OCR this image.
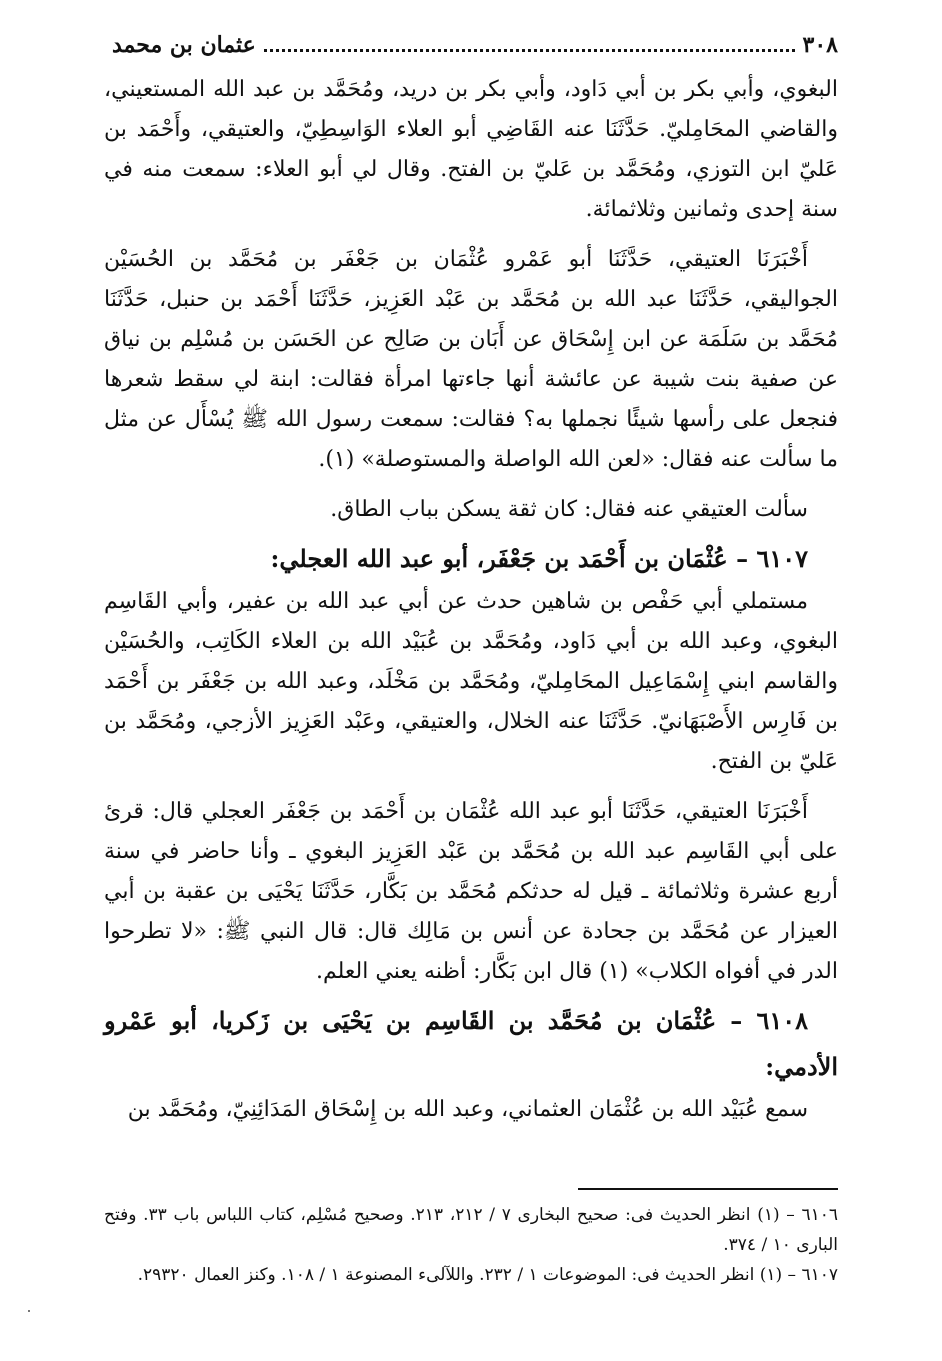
٣٠٨
عثمان بن محمد

البغوي، وأبي بكر بن أبي دَاود، وأبي بكر بن دريد، ومُحَمَّد بن عبد الله المستعيني، والقاضي المحَامِليّ. حَدَّثَنَا عنه القَاضِي أبو العلاء الوَاسِطِيّ، والعتيقي، وأَحْمَد بن عَليّ ابن التوزي، ومُحَمَّد بن عَليّ بن الفتح. وقال لي أبو العلاء: سمعت منه في سنة إحدى وثمانين وثلاثمائة.

أَخْبَرَنَا العتيقي، حَدَّثَنَا أبو عَمْرو عُثْمَان بن جَعْفَر بن مُحَمَّد بن الحُسَيْن الجواليقي، حَدَّثَنَا عبد الله بن مُحَمَّد بن عَبْد العَزِيز، حَدَّثَنَا أَحْمَد بن حنبل، حَدَّثَنَا مُحَمَّد بن سَلَمَة عن ابن إِسْحَاق عن أَبَان بن صَالِح عن الحَسَن بن مُسْلِم بن نياق عن صفية بنت شيبة عن عائشة أنها جاءتها امرأة فقالت: ابنة لي سقط شعرها فنجعل على رأسها شيئًا نجملها به؟ فقالت: سمعت رسول الله ﷺ يُسْأَل عن مثل ما سألت عنه فقال: «لعن الله الواصلة والمستوصلة» (١).

سألت العتيقي عنه فقال: كان ثقة يسكن بباب الطاق.

٦١٠٧ – عُثْمَان بن أَحْمَد بن جَعْفَر، أبو عبد الله العجلي:

مستملي أبي حَفْص بن شاهين حدث عن أبي عبد الله بن عفير، وأبي القَاسِم البغوي، وعبد الله بن أبي دَاود، ومُحَمَّد بن عُبَيْد الله بن العلاء الكَاتِب، والحُسَيْن والقاسم ابني إِسْمَاعِيل المحَامِليّ، ومُحَمَّد بن مَخْلَد، وعبد الله بن جَعْفَر بن أَحْمَد بن فَارِس الأَصْبَهَانيّ. حَدَّثَنَا عنه الخلال، والعتيقي، وعَبْد العَزِيز الأزجي، ومُحَمَّد بن عَليّ بن الفتح.

أَخْبَرَنَا العتيقي، حَدَّثَنَا أبو عبد الله عُثْمَان بن أَحْمَد بن جَعْفَر العجلي قال: قرئ على أبي القَاسِم عبد الله بن مُحَمَّد بن عَبْد العَزِيز البغوي ـ وأنا حاضر في سنة أربع عشرة وثلاثمائة ـ قيل له حدثكم مُحَمَّد بن بَكَّار، حَدَّثَنَا يَحْيَى بن عقبة بن أبي العيزار عن مُحَمَّد بن جحادة عن أنس بن مَالِك قال: قال النبي ﷺ: «لا تطرحوا الدر في أفواه الكلاب» (١) قال ابن بَكَّار: أظنه يعني العلم.

٦١٠٨ – عُثْمَان بن مُحَمَّد بن القَاسِم بن يَحْيَى بن زَكريا، أبو عَمْرو الأدمي:

سمع عُبَيْد الله بن عُثْمَان العثماني، وعبد الله بن إِسْحَاق المَدَائِنِيّ، ومُحَمَّد بن

٦١٠٦ – (١) انظر الحديث فى: صحيح البخارى ٧ / ٢١٢، ٢١٣. وصحيح مُسْلِم، كتاب اللباس باب ٣٣. وفتح البارى ١٠ / ٣٧٤.

٦١٠٧ – (١) انظر الحديث فى: الموضوعات ١ / ٢٣٢. واللآلىء المصنوعة ١ / ١٠٨. وكنز العمال ٢٩٣٢٠.
